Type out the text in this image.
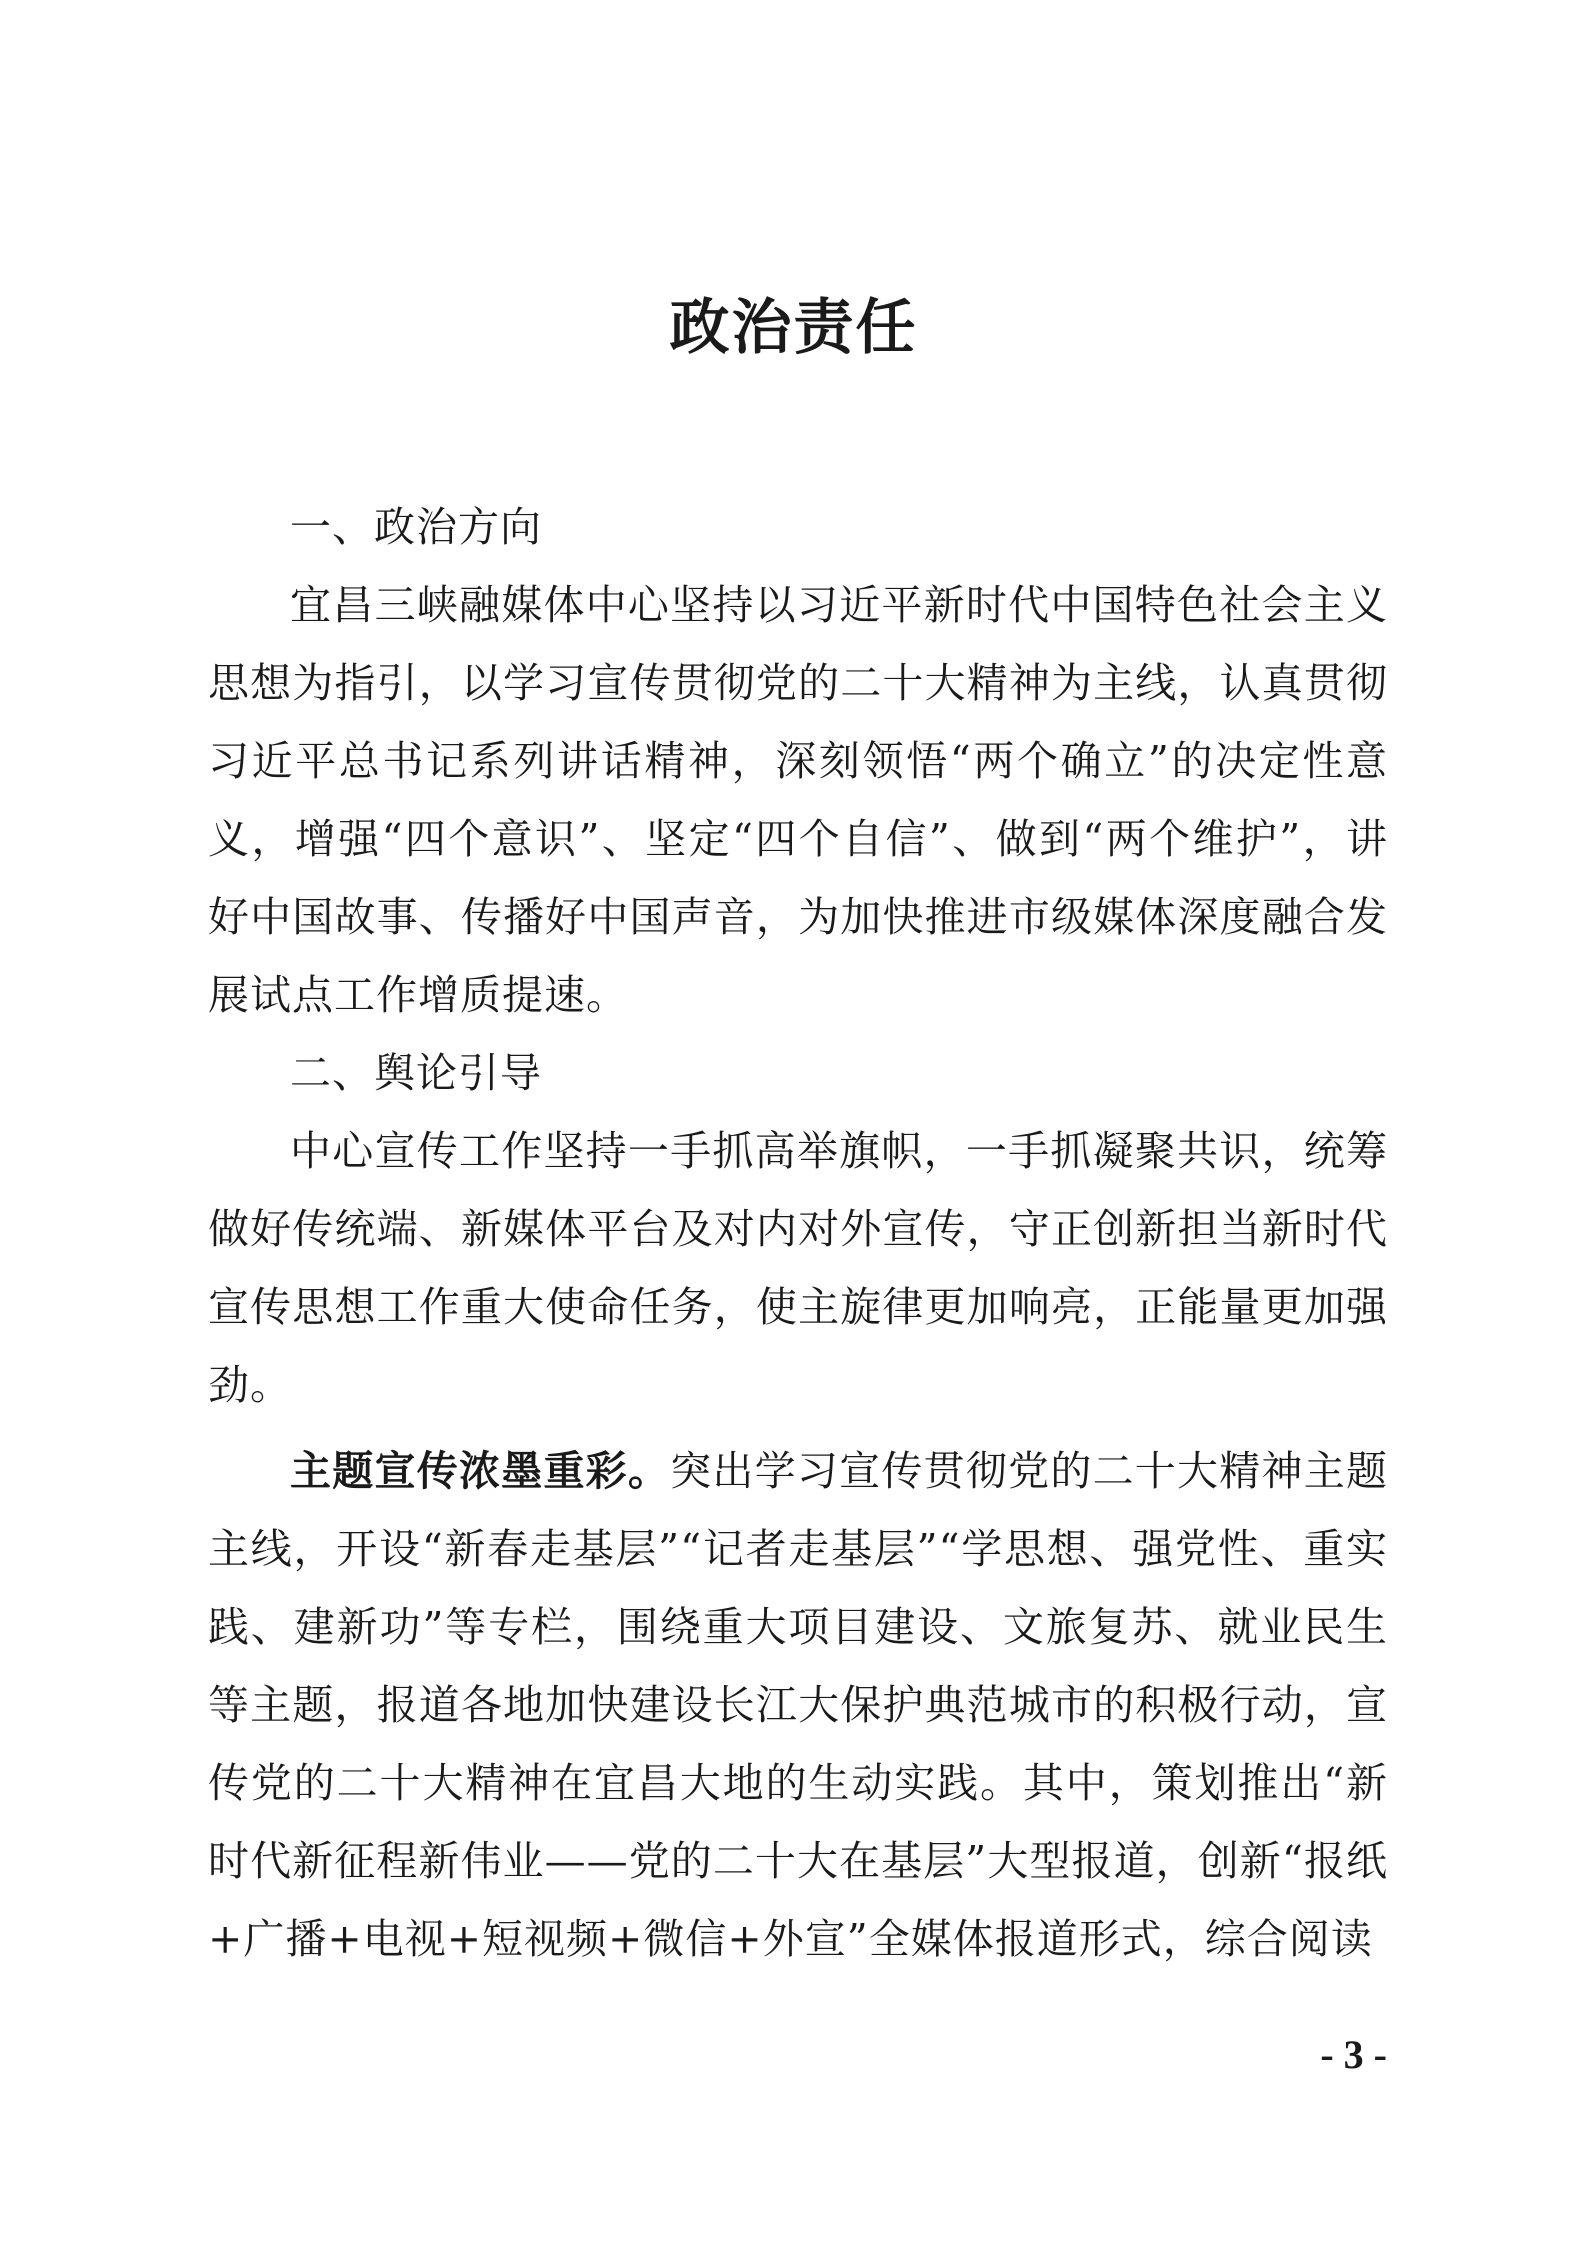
政治责任

一、政治方向

宜昌三峡融媒体中心坚持以习近平新时代中国特色社会主义思想为指引，以学习宣传贯彻党的二十大精神为主线，认真贯彻习近平总书记系列讲话精神，深刻领悟“两个确立”的决定性意义，增强“四个意识”、坚定“四个自信”、做到“两个维护”，讲好中国故事、传播好中国声音，为加快推进市级媒体深度融合发展试点工作增质提速。

二、舆论引导

中心宣传工作坚持一手抓高举旗帜，一手抓凝聚共识，统筹做好传统端、新媒体平台及对内对外宣传，守正创新担当新时代宣传思想工作重大使命任务，使主旋律更加响亮，正能量更加强劲。

主题宣传浓墨重彩。突出学习宣传贯彻党的二十大精神主题主线，开设“新春走基层”“记者走基层”“学思想、强党性、重实践、建新功”等专栏，围绕重大项目建设、文旅复苏、就业民生等主题，报道各地加快建设长江大保护典范城市的积极行动，宣传党的二十大精神在宜昌大地的生动实践。其中，策划推出“新时代新征程新伟业——党的二十大在基层”大型报道，创新“报纸+广播+电视+短视频+微信+外宣”全媒体报道形式，综合阅读

- 3 -
